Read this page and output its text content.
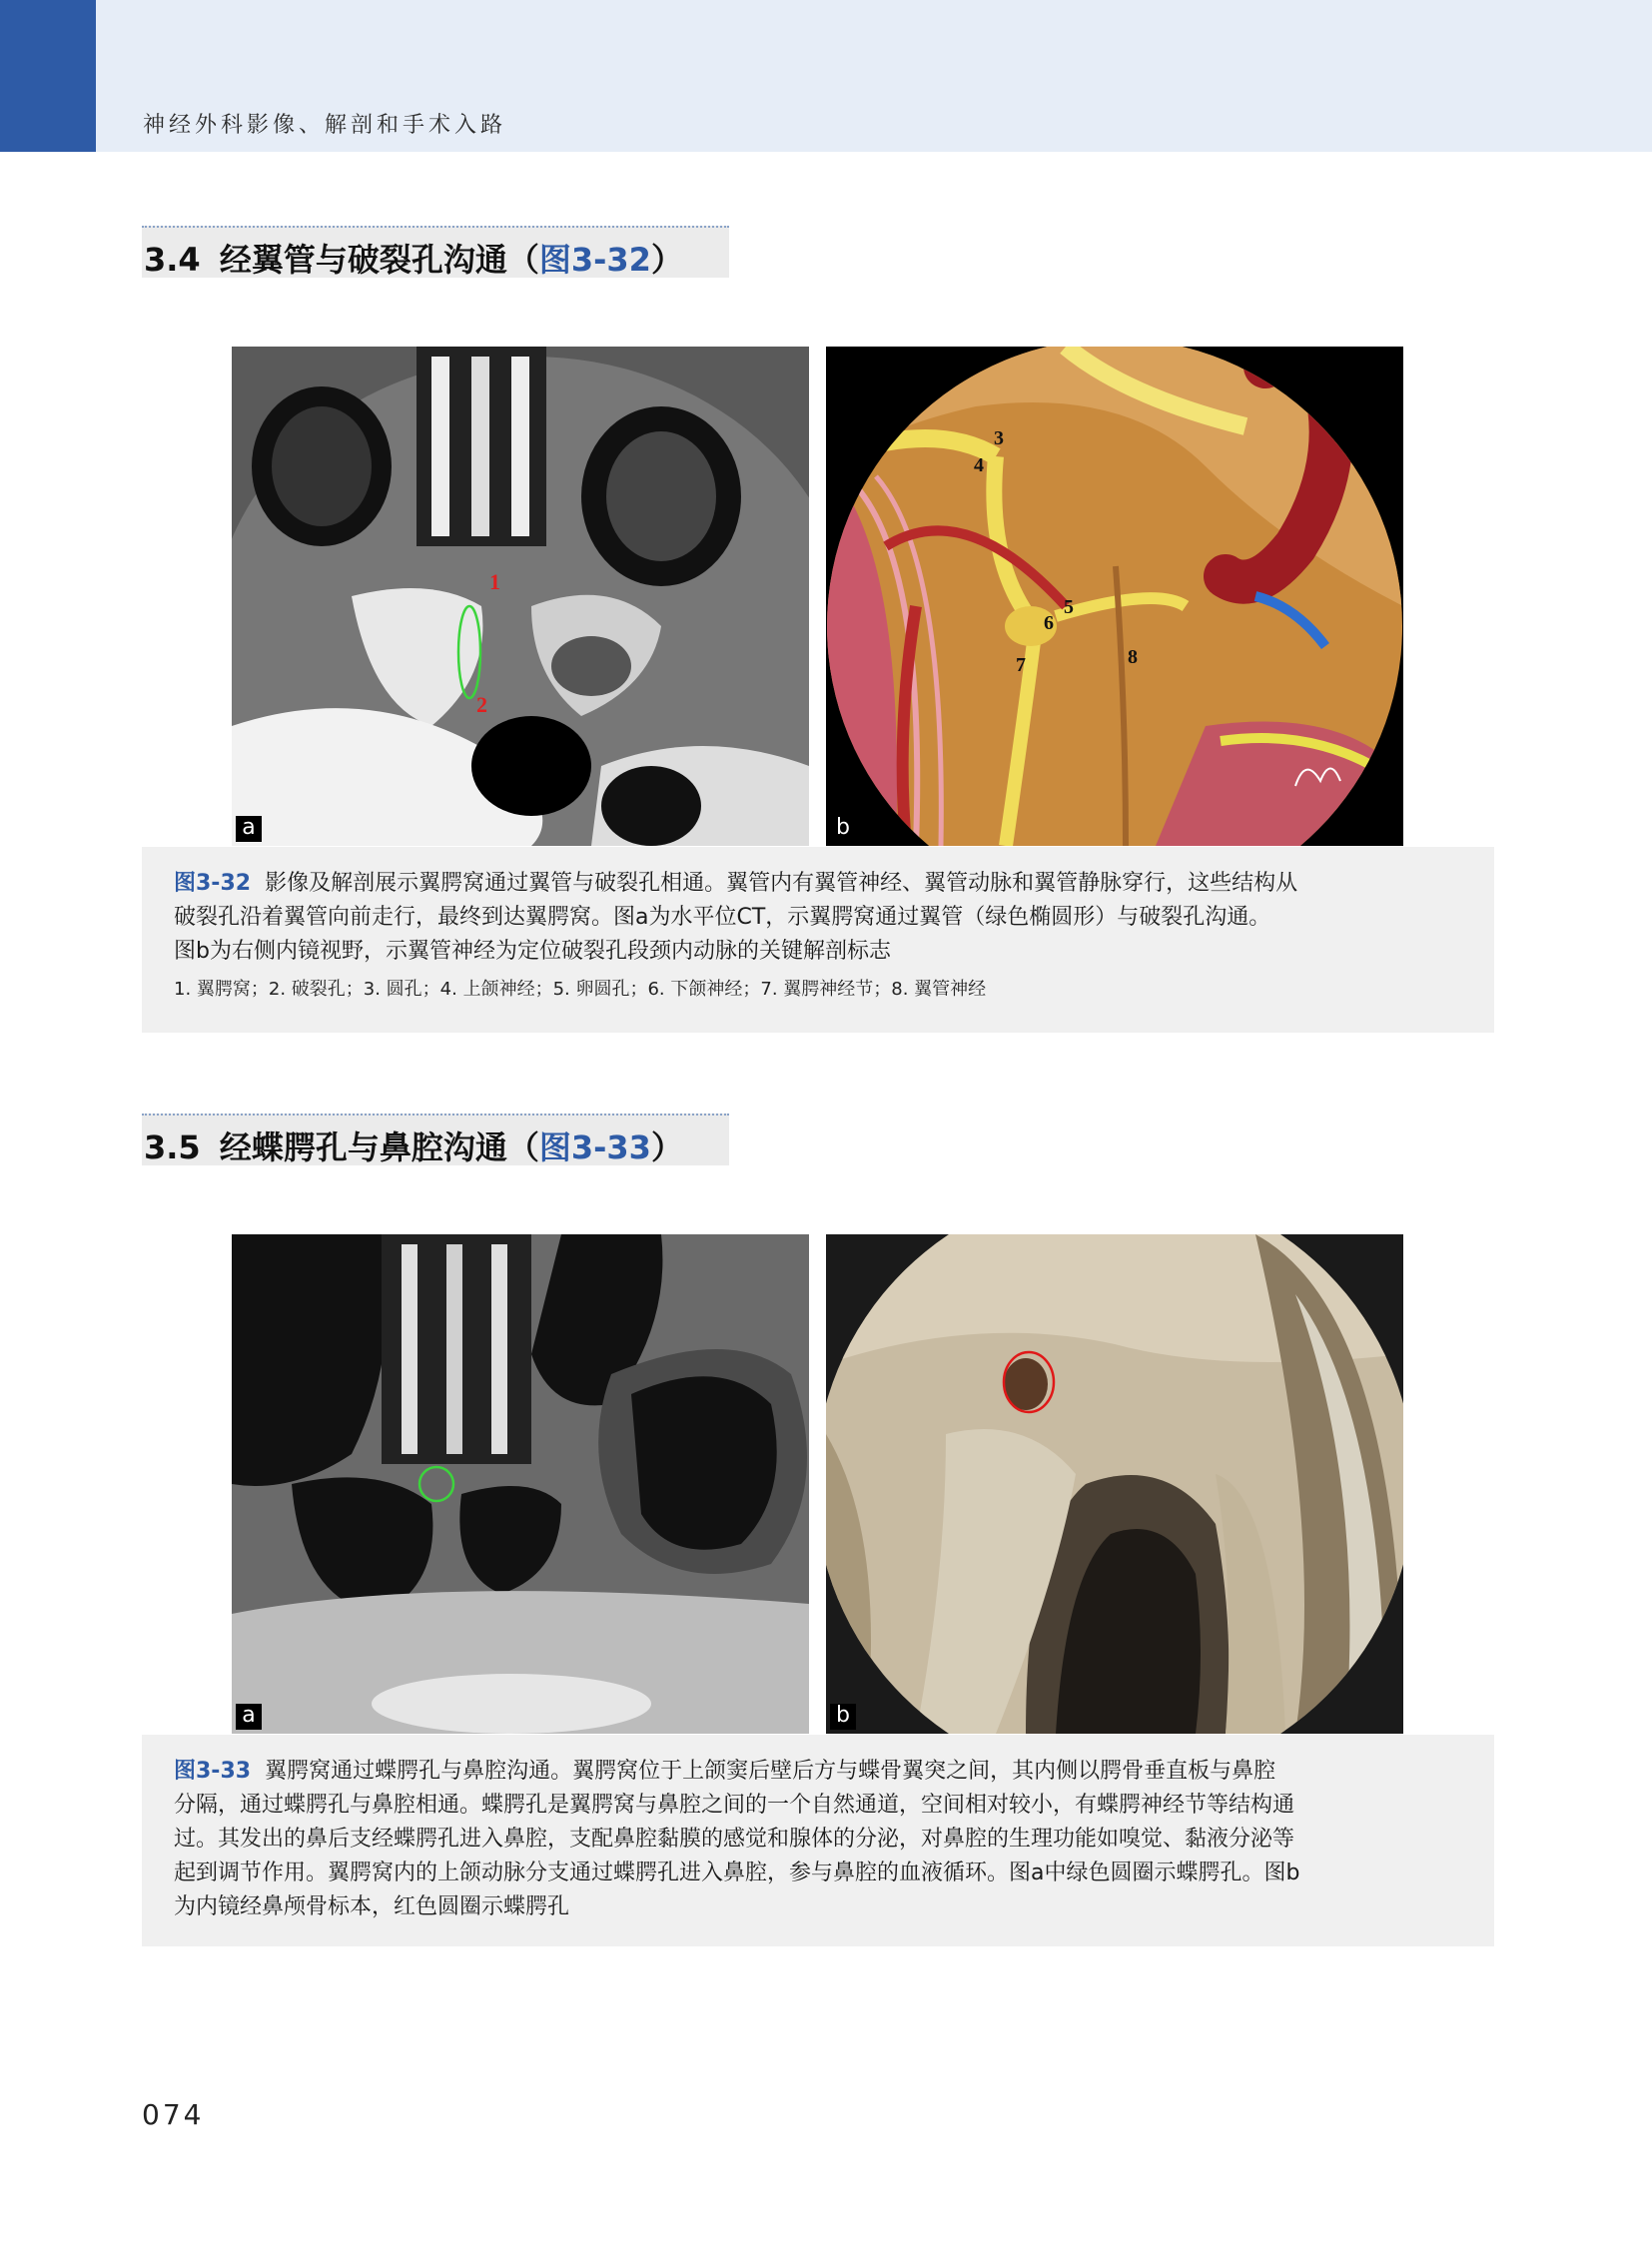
神经外科影像、解剖和手术入路
3.4 经翼管与破裂孔沟通（图3-32）
1
2
a
3
4
5
6
7	8
b
图3-32 影像及解剖展示翼腭窝通过翼管与破裂孔相通。翼管内有翼管神经、翼管动脉和翼管静脉穿行，这些结构从
破裂孔沿着翼管向前走行，最终到达翼腭窝。图a为水平位CT，示翼腭窝通过翼管（绿色椭圆形）与破裂孔沟通。
图b为右侧内镜视野，示翼管神经为定位破裂孔段颈内动脉的关键解剖标志
1. 翼腭窝；2. 破裂孔；3. 圆孔；4. 上颌神经；5. 卵圆孔；6. 下颌神经；7. 翼腭神经节；8. 翼管神经
3.5 经蝶腭孔与鼻腔沟通（图3-33）
a	b
图3-33 翼腭窝通过蝶腭孔与鼻腔沟通。翼腭窝位于上颌窦后壁后方与蝶骨翼突之间，其内侧以腭骨垂直板与鼻腔
分隔，通过蝶腭孔与鼻腔相通。蝶腭孔是翼腭窝与鼻腔之间的一个自然通道，空间相对较小，有蝶腭神经节等结构通
过。其发出的鼻后支经蝶腭孔进入鼻腔，支配鼻腔黏膜的感觉和腺体的分泌，对鼻腔的生理功能如嗅觉、黏液分泌等
起到调节作用。翼腭窝内的上颌动脉分支通过蝶腭孔进入鼻腔，参与鼻腔的血液循环。图a中绿色圆圈示蝶腭孔。图b
为内镜经鼻颅骨标本，红色圆圈示蝶腭孔
074
